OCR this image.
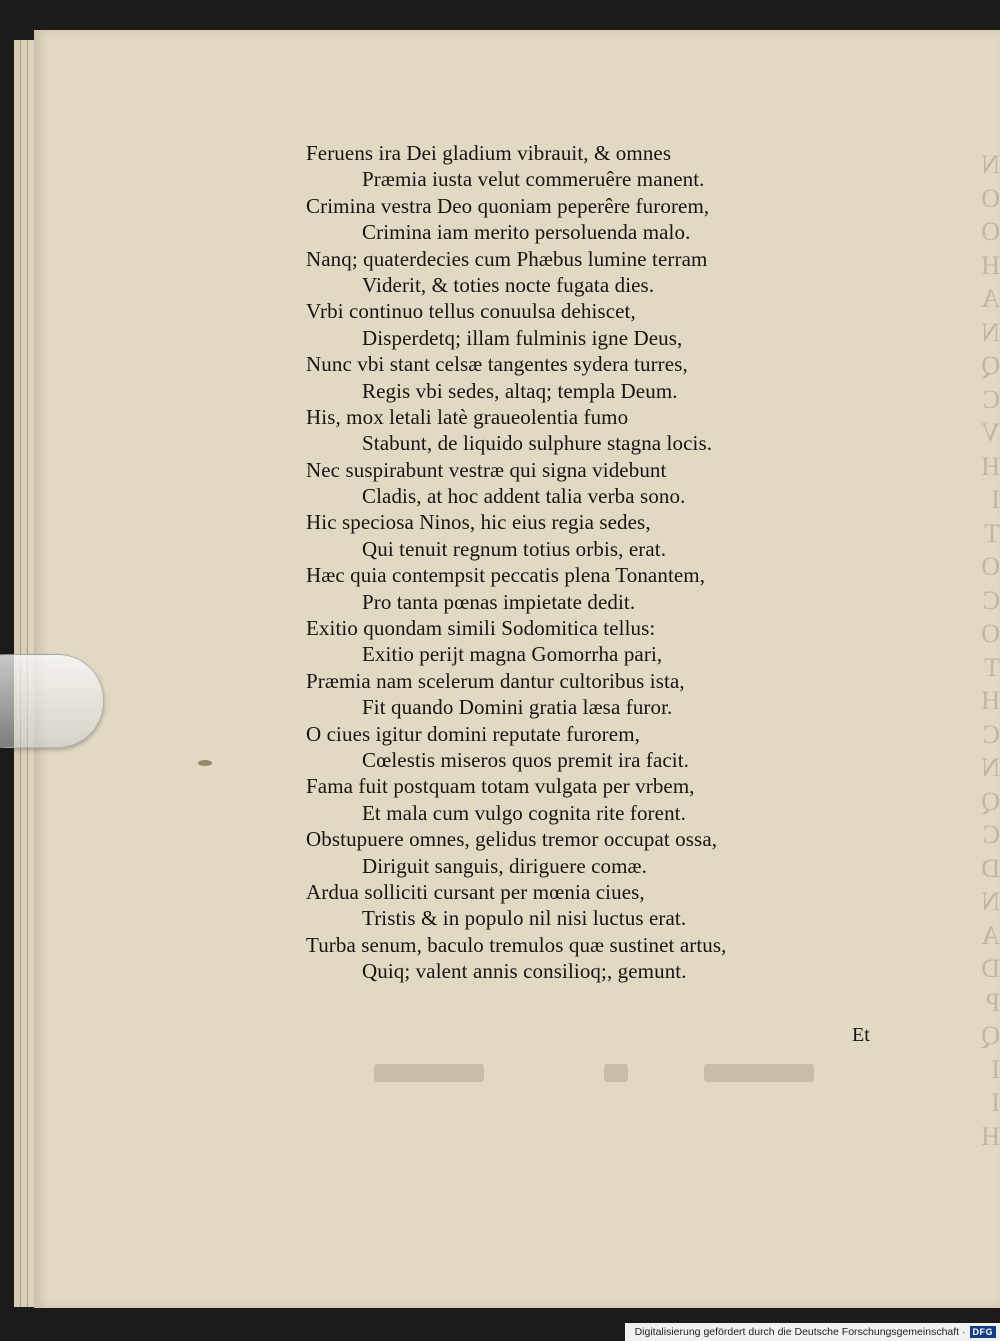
N
O
O
H
A
N
Q
C
V
H
I
T
O
C
O
T
H
C
N
Q
C
D
N
A
D
P
Q
I
I
H
Feruens ira Dei gladium vibrauit, & omnes
Præmia iusta velut commeruêre manent.
Crimina vestra Deo quoniam peperêre furorem,
Crimina iam merito persoluenda malo.
Nanq; quaterdecies cum Phæbus lumine terram
Viderit, & toties nocte fugata dies.
Vrbi continuo tellus conuulsa dehiscet,
Disperdetq; illam fulminis igne Deus,
Nunc vbi stant celsæ tangentes sydera turres,
Regis vbi sedes, altaq; templa Deum.
His, mox letali latè graueolentia fumo
Stabunt, de liquido sulphure stagna locis.
Nec suspirabunt vestræ qui signa videbunt
Cladis, at hoc addent talia verba sono.
Hic speciosa Ninos, hic eius regia sedes,
Qui tenuit regnum totius orbis, erat.
Hæc quia contempsit peccatis plena Tonantem,
Pro tanta pœnas impietate dedit.
Exitio quondam simili Sodomitica tellus:
Exitio perijt magna Gomorrha pari,
Præmia nam scelerum dantur cultoribus ista,
Fit quando Domini gratia læsa furor.
O ciues igitur domini reputate furorem,
Cœlestis miseros quos premit ira facit.
Fama fuit postquam totam vulgata per vrbem,
Et mala cum vulgo cognita rite forent.
Obstupuere omnes, gelidus tremor occupat ossa,
Diriguit sanguis, diriguere comæ.
Ardua solliciti cursant per mœnia ciues,
Tristis & in populo nil nisi luctus erat.
Turba senum, baculo tremulos quæ sustinet artus,
Quiq; valent annis consilioq;, gemunt.
Et
Digitalisierung gefördert durch die Deutsche Forschungsgemeinschaft · DFG
